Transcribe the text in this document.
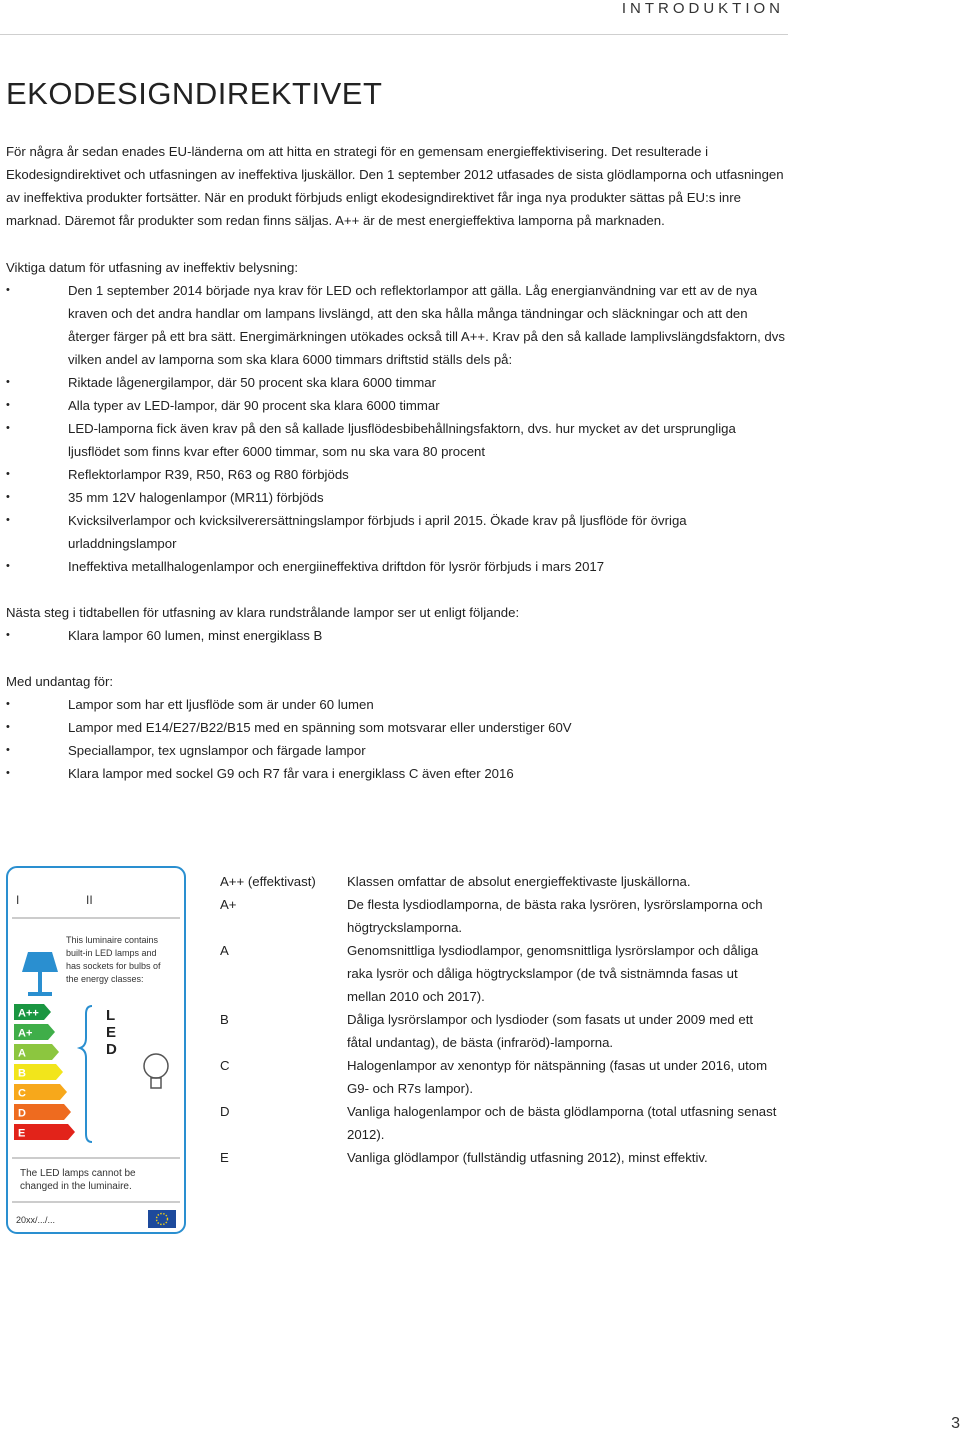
INTRODUKTION
EKODESIGNDIREKTIVET

För några år sedan enades EU-länderna om att hitta en strategi för en gemensam energieffektivisering. Det resulterade i Ekodesigndirektivet och utfasningen av ineffektiva ljuskällor. Den 1 september 2012 utfasades de sista glödlamporna och utfasningen av ineffektiva produkter fortsätter. När en produkt förbjuds enligt ekodesigndirektivet får inga nya produkter sättas på EU:s inre marknad. Däremot får produkter som redan finns säljas. A++ är de mest energieffektiva lamporna på marknaden.

Viktiga datum för utfasning av ineffektiv belysning:

• Den 1 september 2014 började nya krav för LED och reflektorlampor att gälla. Låg energianvändning var ett av de nya kraven och det andra handlar om lampans livslängd, att den ska hålla många tändningar och släckningar och att den återger färger på ett bra sätt. Energimärkningen utökades också till A++. Krav på den så kallade lamplivslängdsfaktorn, dvs vilken andel av lamporna som ska klara 6000 timmars driftstid ställs dels på:
• Riktade lågenergilampor, där 50 procent ska klara 6000 timmar
• Alla typer av LED-lampor, där 90 procent ska klara 6000 timmar
• LED-lamporna fick även krav på den så kallade ljusflödesbibehållningsfaktorn, dvs. hur mycket av det ursprungliga ljusflödet som finns kvar efter 6000 timmar, som nu ska vara 80 procent
• Reflektorlampor R39, R50, R63 og R80 förbjöds
• 35 mm 12V halogenlampor (MR11) förbjöds
• Kvicksilverlampor och kvicksilverersättningslampor förbjuds i april 2015. Ökade krav på ljusflöde för övriga urladdningslampor
• Ineffektiva metallhalogenlampor och energiineffektiva driftdon för lysrör förbjuds i mars 2017

Nästa steg i tidtabellen för utfasning av klara rundstrålande lampor ser ut enligt följande:

• Klara lampor 60 lumen, minst energiklass B

Med undantag för:

• Lampor som har ett ljusflöde som är under 60 lumen
• Lampor med E14/E27/B22/B15 med en spänning som motsvarar eller understiger 60V
• Speciallampor, tex ugnslampor och färgade lampor
• Klara lampor med sockel G9 och R7 får vara i energiklass C även efter 2016
I	II
This luminaire contains
built-in LED lamps and
has sockets for bulbs of
the energy classes:
A++
A+
A
B
C
D
E
L
E
D
The LED lamps cannot be
changed in the luminaire.
20xx/.../...
A++ (effektivast)	Klassen omfattar de absolut energieffektivaste ljuskällorna.
A+	De flesta lysdiodlamporna, de bästa raka lysrören, lysrörslamporna och högtryckslamporna.
A	Genomsnittliga lysdiodlampor, genomsnittliga lysrörslampor och dåliga raka lysrör och dåliga högtryckslampor (de två sistnämnda fasas ut mellan 2010 och 2017).
B	Dåliga lysrörslampor och lysdioder (som fasats ut under 2009 med ett fåtal undantag), de bästa (infraröd)-lamporna.
C	Halogenlampor av xenontyp för nätspänning (fasas ut under 2016, utom G9- och R7s lampor).
D	Vanliga halogenlampor och de bästa glödlamporna (total utfasning senast 2012).
E	Vanliga glödlampor (fullständig utfasning 2012), minst effektiv.
3
